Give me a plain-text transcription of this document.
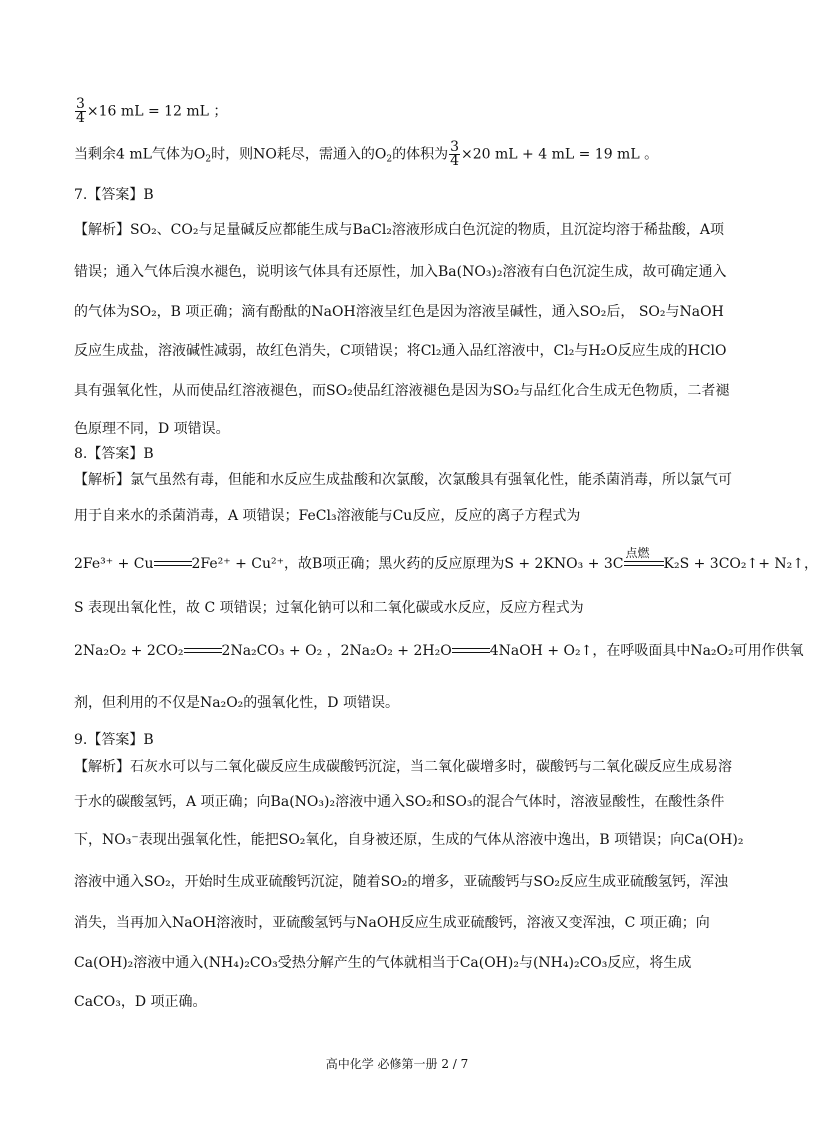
$\frac{3}{4} \times 16$ mL = 12 mL ；
当剩余4 mL气体为$O_2$时，则NO耗尽，需通入的$O_2$的体积为 $\frac{3}{4} \times 20$ mL + 4 mL = 19 mL 。
7.【答案】B
【解析】SO₂、CO₂与足量碱反应都能生成与BaCl₂溶液形成白色沉淀的物质，且沉淀均溶于稀盐酸，A项
错误；通入气体后溴水褪色，说明该气体具有还原性，加入Ba(NO₃)₂溶液有白色沉淀生成，故可确定通入
的气体为SO₂，B 项正确；滴有酚酞的NaOH溶液呈红色是因为溶液呈碱性，通入SO₂后， SO₂与NaOH
反应生成盐，溶液碱性减弱，故红色消失，C项错误；将Cl₂通入品红溶液中，Cl₂与H₂O反应生成的HClO
具有强氧化性，从而使品红溶液褪色，而SO₂使品红溶液褪色是因为SO₂与品红化合生成无色物质，二者褪
色原理不同，D 项错误。
8.【答案】B
【解析】氯气虽然有毒，但能和水反应生成盐酸和次氯酸，次氯酸具有强氧化性，能杀菌消毒，所以氯气可
用于自来水的杀菌消毒，A 项错误；FeCl₃溶液能与Cu反应，反应的离子方程式为
2Fe³⁺ + Cu	2Fe²⁺ + Cu²⁺，故B项正确；黑火药的反应原理为S + 2KNO₃ + 3C
点燃
K₂S + 3CO₂↑+ N₂↑，
S 表现出氧化性，故 C 项错误；过氧化钠可以和二氧化碳或水反应，反应方程式为
2Na₂O₂ + 2CO₂	2Na₂CO₃ + O₂ ，2Na₂O₂ + 2H₂O	4NaOH + O₂↑，在呼吸面具中Na₂O₂可用作供氧
剂，但利用的不仅是Na₂O₂的强氧化性，D 项错误。
9.【答案】B
【解析】石灰水可以与二氧化碳反应生成碳酸钙沉淀，当二氧化碳增多时，碳酸钙与二氧化碳反应生成易溶
于水的碳酸氢钙，A 项正确；向Ba(NO₃)₂溶液中通入SO₂和SO₃的混合气体时，溶液显酸性，在酸性条件
下，NO₃⁻表现出强氧化性，能把SO₂氧化，自身被还原，生成的气体从溶液中逸出，B 项错误；向Ca(OH)₂
溶液中通入SO₂，开始时生成亚硫酸钙沉淀，随着SO₂的增多，亚硫酸钙与SO₂反应生成亚硫酸氢钙，浑浊
消失，当再加入NaOH溶液时，亚硫酸氢钙与NaOH反应生成亚硫酸钙，溶液又变浑浊，C 项正确；向
Ca(OH)₂溶液中通入(NH₄)₂CO₃受热分解产生的气体就相当于Ca(OH)₂与(NH₄)₂CO₃反应，将生成
CaCO₃，D 项正确。
高中化学 必修第一册 2 / 7
